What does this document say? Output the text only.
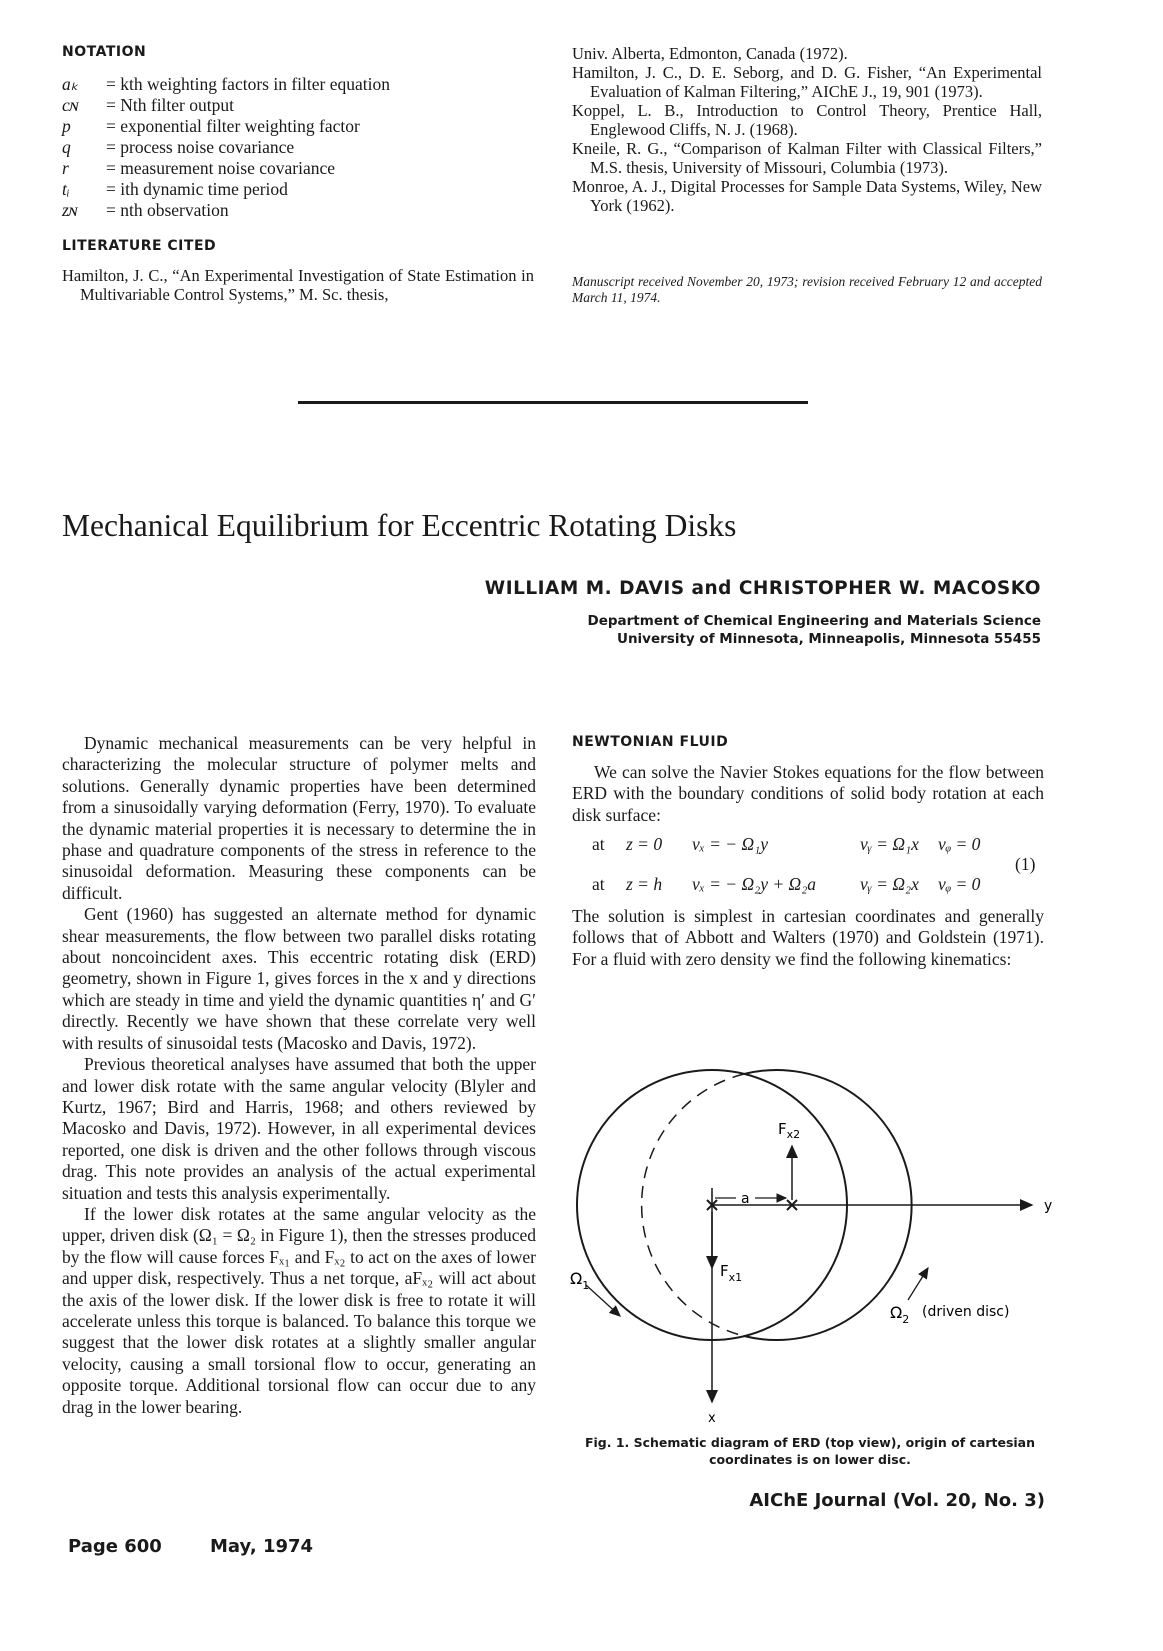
NOTATION
aₖ	= kth weighting factors in filter equation
cɴ	= Nth filter output
p	= exponential filter weighting factor
q	= process noise covariance
r	= measurement noise covariance
tᵢ	= ith dynamic time period
zɴ	= nth observation
LITERATURE CITED

Hamilton, J. C., “An Experimental Investigation of State Estimation in Multivariable Control Systems,” M. Sc. thesis,

Univ. Alberta, Edmonton, Canada (1972).

Hamilton, J. C., D. E. Seborg, and D. G. Fisher, “An Experimental Evaluation of Kalman Filtering,” AIChE J., 19, 901 (1973).

Koppel, L. B., Introduction to Control Theory, Prentice Hall, Englewood Cliffs, N. J. (1968).

Kneile, R. G., “Comparison of Kalman Filter with Classical Filters,” M.S. thesis, University of Missouri, Columbia (1973).

Monroe, A. J., Digital Processes for Sample Data Systems, Wiley, New York (1962).

Manuscript received November 20, 1973; revision received February 12 and accepted March 11, 1974.
Mechanical Equilibrium for Eccentric Rotating Disks
WILLIAM M. DAVIS and CHRISTOPHER W. MACOSKO
Department of Chemical Engineering and Materials Science
University of Minnesota, Minneapolis, Minnesota 55455

Dynamic mechanical measurements can be very helpful in characterizing the molecular structure of polymer melts and solutions. Generally dynamic properties have been determined from a sinusoidally varying deformation (Ferry, 1970). To evaluate the dynamic material properties it is necessary to determine the in phase and quadrature components of the stress in reference to the sinusoidal deformation. Measuring these components can be difficult.

Gent (1960) has suggested an alternate method for dynamic shear measurements, the flow between two parallel disks rotating about noncoincident axes. This eccentric rotating disk (ERD) geometry, shown in Figure 1, gives forces in the x and y directions which are steady in time and yield the dynamic quantities η′ and G′ directly. Recently we have shown that these correlate very well with results of sinusoidal tests (Macosko and Davis, 1972).

Previous theoretical analyses have assumed that both the upper and lower disk rotate with the same angular velocity (Blyler and Kurtz, 1967; Bird and Harris, 1968; and others reviewed by Macosko and Davis, 1972). However, in all experimental devices reported, one disk is driven and the other follows through viscous drag. This note provides an analysis of the actual experimental situation and tests this analysis experimentally.

If the lower disk rotates at the same angular velocity as the upper, driven disk (Ω₁ = Ω₂ in Figure 1), then the stresses produced by the flow will cause forces Fₓ₁ and Fₓ₂ to act on the axes of lower and upper disk, respectively. Thus a net torque, aFₓ₂ will act about the axis of the lower disk. If the lower disk is free to rotate it will accelerate unless this torque is balanced. To balance this torque we suggest that the lower disk rotates at a slightly smaller angular velocity, causing a small torsional flow to occur, generating an opposite torque. Additional torsional flow can occur due to any drag in the lower bearing.

NEWTONIAN FLUID

We can solve the Navier Stokes equations for the flow between ERD with the boundary conditions of solid body rotation at each disk surface:

at z = 0 vₓ = − Ω₁y	vᵧ = Ω₁x vᵩ = 0
at z = h vₓ = − Ω₂y + Ω₂a	vᵧ = Ω₂x vᵩ = 0
(1)

The solution is simplest in cartesian coordinates and generally follows that of Abbott and Walters (1970) and Goldstein (1971). For a fluid with zero density we find the following kinematics:

$F_{x2}$
a	y
$F_{x1}$
$\Omega_1$
$\Omega_2$ (driven disc)
x
Fig. 1. Schematic diagram of ERD (top view), origin of cartesian coordinates is on lower disc.
Page 600	May, 1974
AIChE Journal (Vol. 20, No. 3)
